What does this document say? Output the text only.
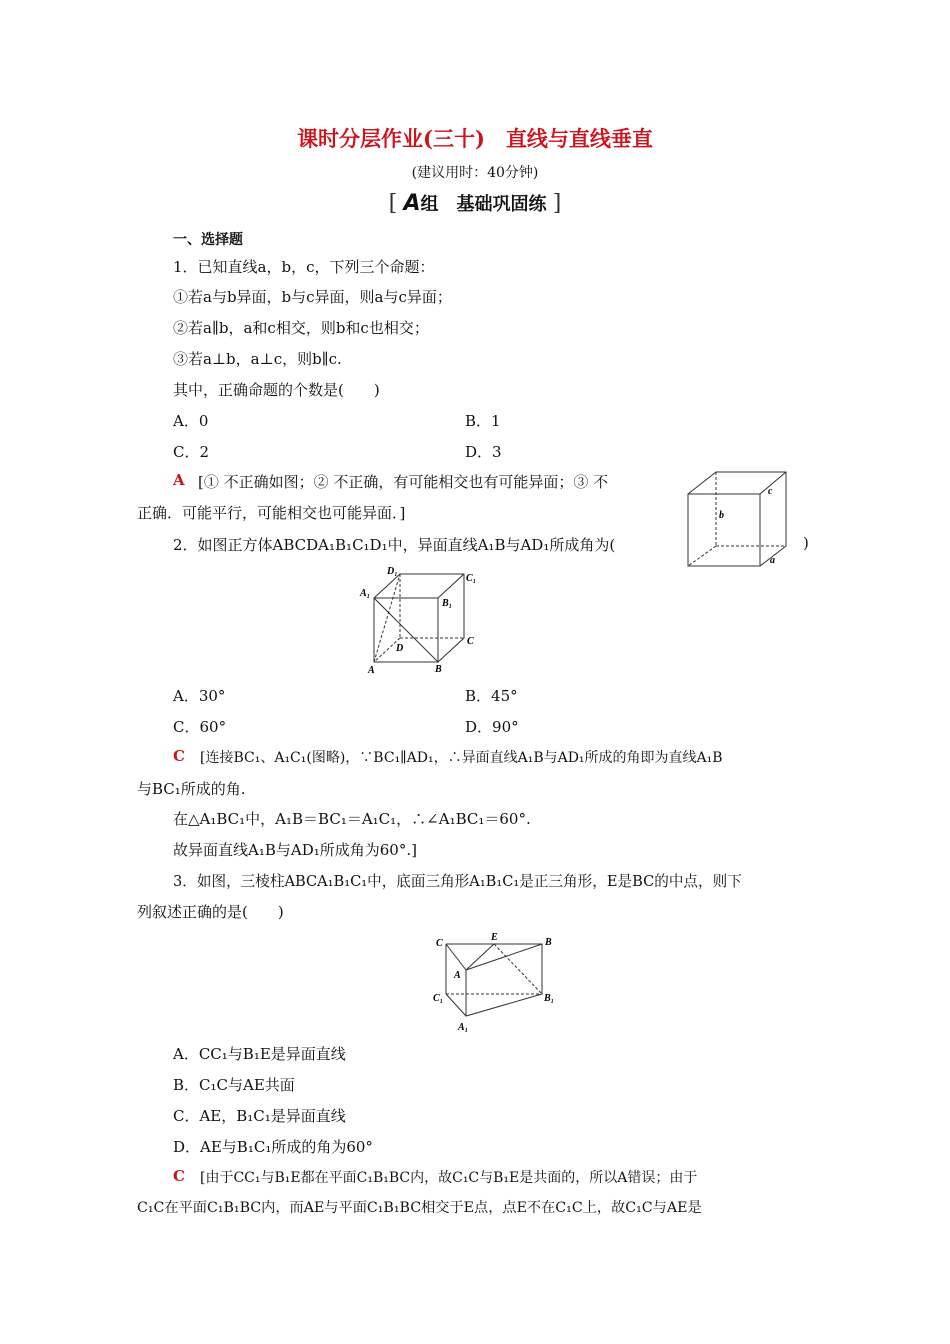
课时分层作业(三十)　直线与直线垂直
(建议用时：40分钟)
[ A组　基础巩固练 ]
一、选择题
1．已知直线a，b，c，下列三个命题：
①若a与b异面，b与c异面，则a与c异面；
②若a∥b，a和c相交，则b和c也相交；
③若a⊥b，a⊥c，则b∥c.
其中，正确命题的个数是(　　)
A．0	B．1
C．2	D．3
A [① 不正确如图；② 不正确，有可能相交也有可能异面；③ 不
正确．可能平行，可能相交也可能异面．]	b
c
a
2．如图正方体ABCDA₁B₁C₁D₁中，异面直线A₁B与AD₁所成角为(	)
D₁
C₁
A₁
B₁
D
C
A	B
A．30°	B．45°
C．60°	D．90°
C [连接BC₁、A₁C₁(图略)，∵BC₁∥AD₁，∴异面直线A₁B与AD₁所成的角即为直线A₁B
与BC₁所成的角.
在△A₁BC₁中，A₁B＝BC₁＝A₁C₁，∴∠A₁BC₁＝60°.
故异面直线A₁B与AD₁所成角为60°.]
3．如图，三棱柱ABCA₁B₁C₁中，底面三角形A₁B₁C₁是正三角形，E是BC的中点，则下
列叙述正确的是(　　)
C
E	B
A
C₁	B₁
A₁
A．CC₁与B₁E是异面直线
B．C₁C与AE共面
C．AE，B₁C₁是异面直线
D．AE与B₁C₁所成的角为60°
C [由于CC₁与B₁E都在平面C₁B₁BC内，故C₁C与B₁E是共面的，所以A错误；由于
C₁C在平面C₁B₁BC内，而AE与平面C₁B₁BC相交于E点，点E不在C₁C上，故C₁C与AE是
